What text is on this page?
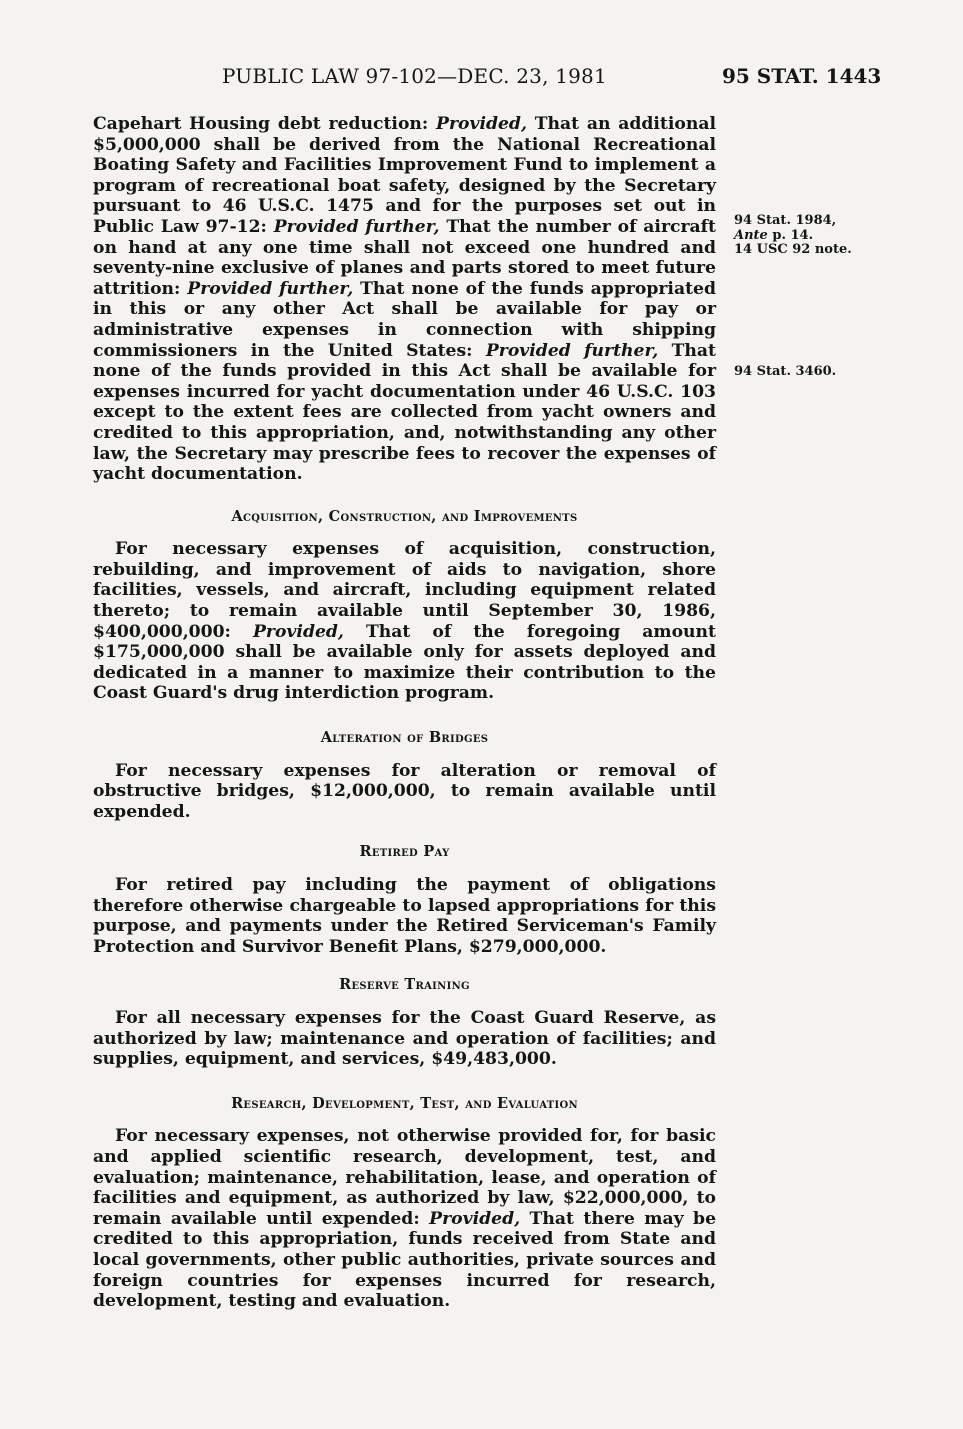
PUBLIC LAW 97-102—DEC. 23, 1981	95 STAT. 1443
94 Stat. 1984,
Ante p. 14.
14 USC 92 note.
94 Stat. 3460.

Capehart Housing debt reduction: Provided, That an additional $5,000,000 shall be derived from the National Recreational Boating Safety and Facilities Improvement Fund to implement a program of recreational boat safety, designed by the Secretary pursuant to 46 U.S.C. 1475 and for the purposes set out in Public Law 97-12: Provided further, That the number of aircraft on hand at any one time shall not exceed one hundred and seventy-nine exclusive of planes and parts stored to meet future attrition: Provided further, That none of the funds appropriated in this or any other Act shall be available for pay or administrative expenses in connection with shipping commissioners in the United States: Provided further, That none of the funds provided in this Act shall be available for expenses incurred for yacht documentation under 46 U.S.C. 103 except to the extent fees are collected from yacht owners and credited to this appropriation, and, notwithstanding any other law, the Secretary may prescribe fees to recover the expenses of yacht documentation.

Acquisition, Construction, and Improvements

For necessary expenses of acquisition, construction, rebuilding, and improvement of aids to navigation, shore facilities, vessels, and aircraft, including equipment related thereto; to remain available until September 30, 1986, $400,000,000: Provided, That of the foregoing amount $175,000,000 shall be available only for assets deployed and dedicated in a manner to maximize their contribution to the Coast Guard's drug interdiction program.

Alteration of Bridges

For necessary expenses for alteration or removal of obstructive bridges, $12,000,000, to remain available until expended.

Retired Pay

For retired pay including the payment of obligations therefore otherwise chargeable to lapsed appropriations for this purpose, and payments under the Retired Serviceman's Family Protection and Survivor Benefit Plans, $279,000,000.

Reserve Training

For all necessary expenses for the Coast Guard Reserve, as authorized by law; maintenance and operation of facilities; and supplies, equipment, and services, $49,483,000.

Research, Development, Test, and Evaluation

For necessary expenses, not otherwise provided for, for basic and applied scientific research, development, test, and evaluation; maintenance, rehabilitation, lease, and operation of facilities and equipment, as authorized by law, $22,000,000, to remain available until expended: Provided, That there may be credited to this appropriation, funds received from State and local governments, other public authorities, private sources and foreign countries for expenses incurred for research, development, testing and evaluation.
